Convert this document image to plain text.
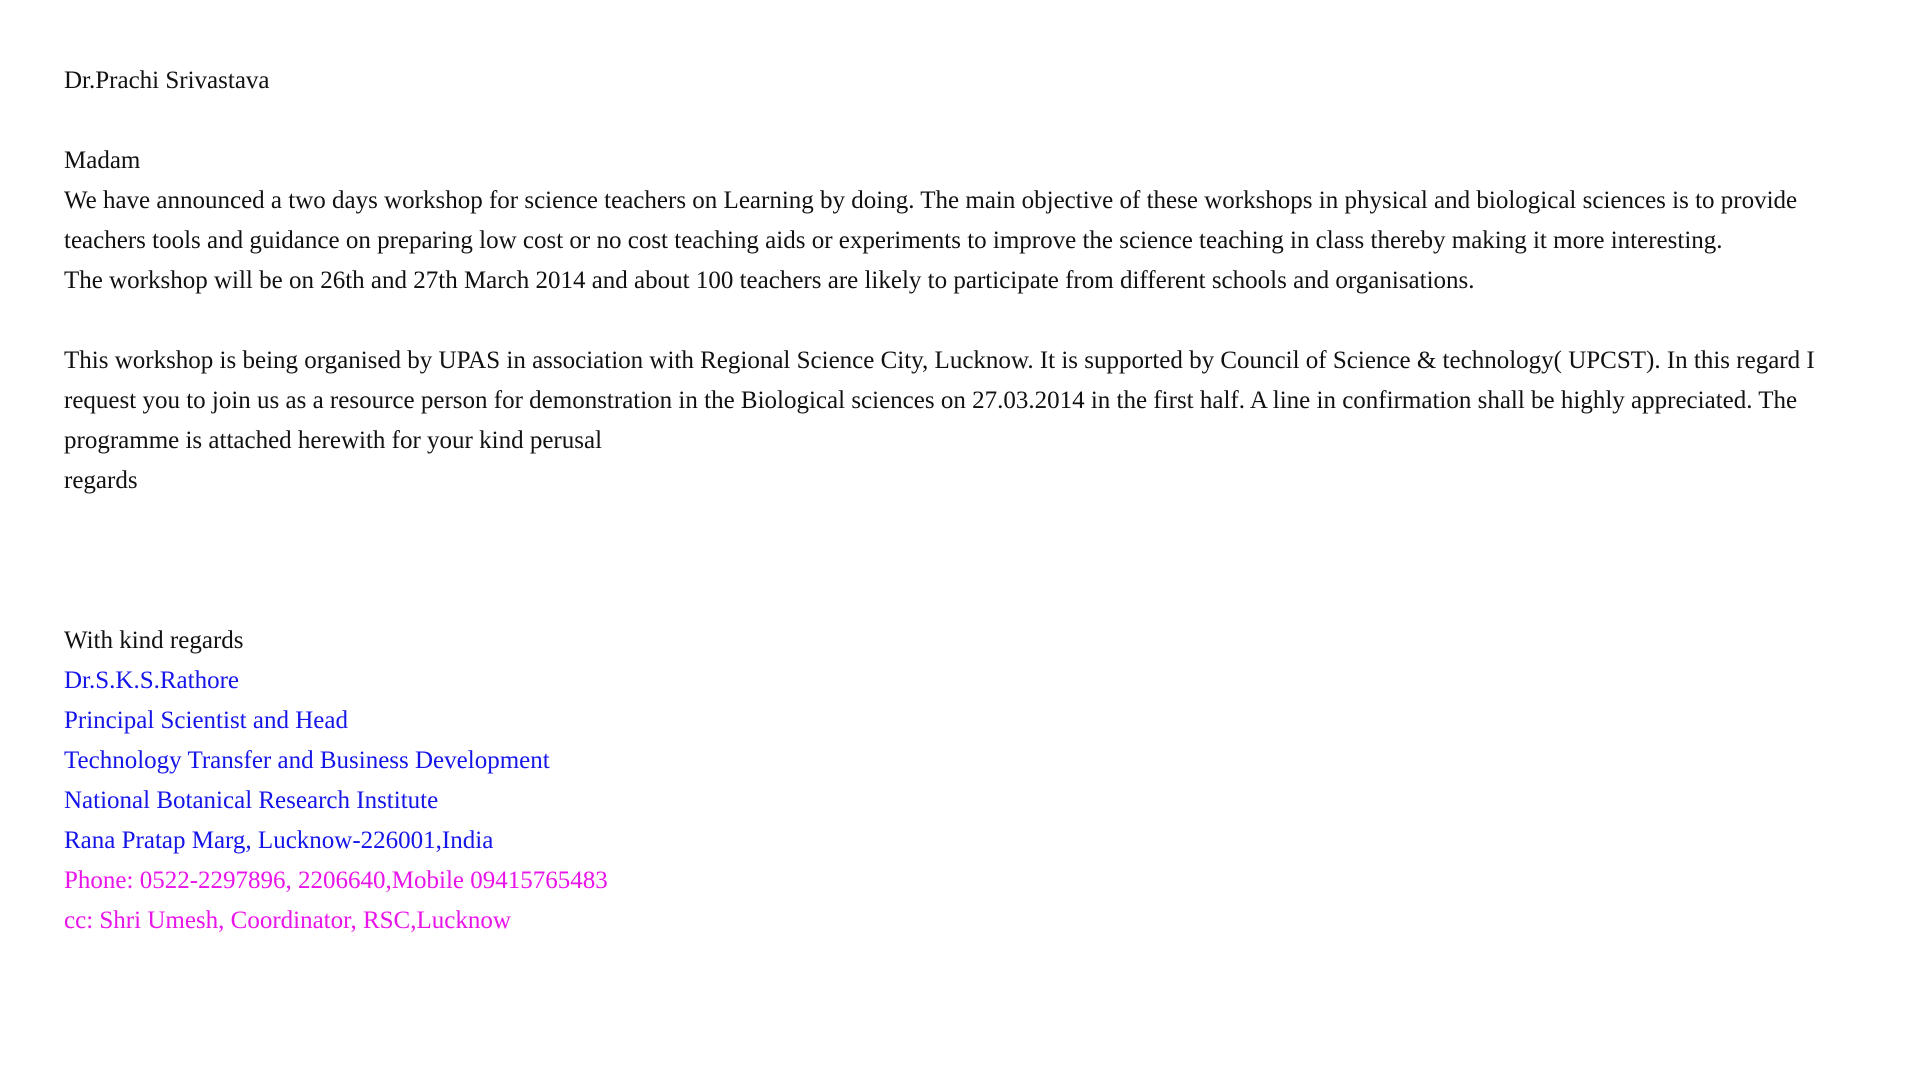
Dr.Prachi Srivastava
Madam

We have announced a two days workshop for science teachers on Learning by doing. The main objective of these workshops in physical and biological sciences is to provide teachers tools and guidance on preparing low cost or no cost teaching aids or experiments to improve the science teaching in class thereby making it more interesting.

The workshop will be on 26th and 27th March 2014 and about 100 teachers are likely to participate from different schools and organisations.

This workshop is being organised by UPAS in association with Regional Science City, Lucknow. It is supported by Council of Science & technology( UPCST). In this regard I request you to join us as a resource person for demonstration in the Biological sciences on 27.03.2014 in the first half. A line in confirmation shall be highly appreciated. The programme is attached herewith for your kind perusal

regards
With kind regards
Dr.S.K.S.Rathore
Principal Scientist and Head
Technology Transfer and Business Development
National Botanical Research Institute
Rana Pratap Marg, Lucknow-226001,India
Phone: 0522-2297896, 2206640,Mobile 09415765483
cc: Shri Umesh, Coordinator, RSC,Lucknow
